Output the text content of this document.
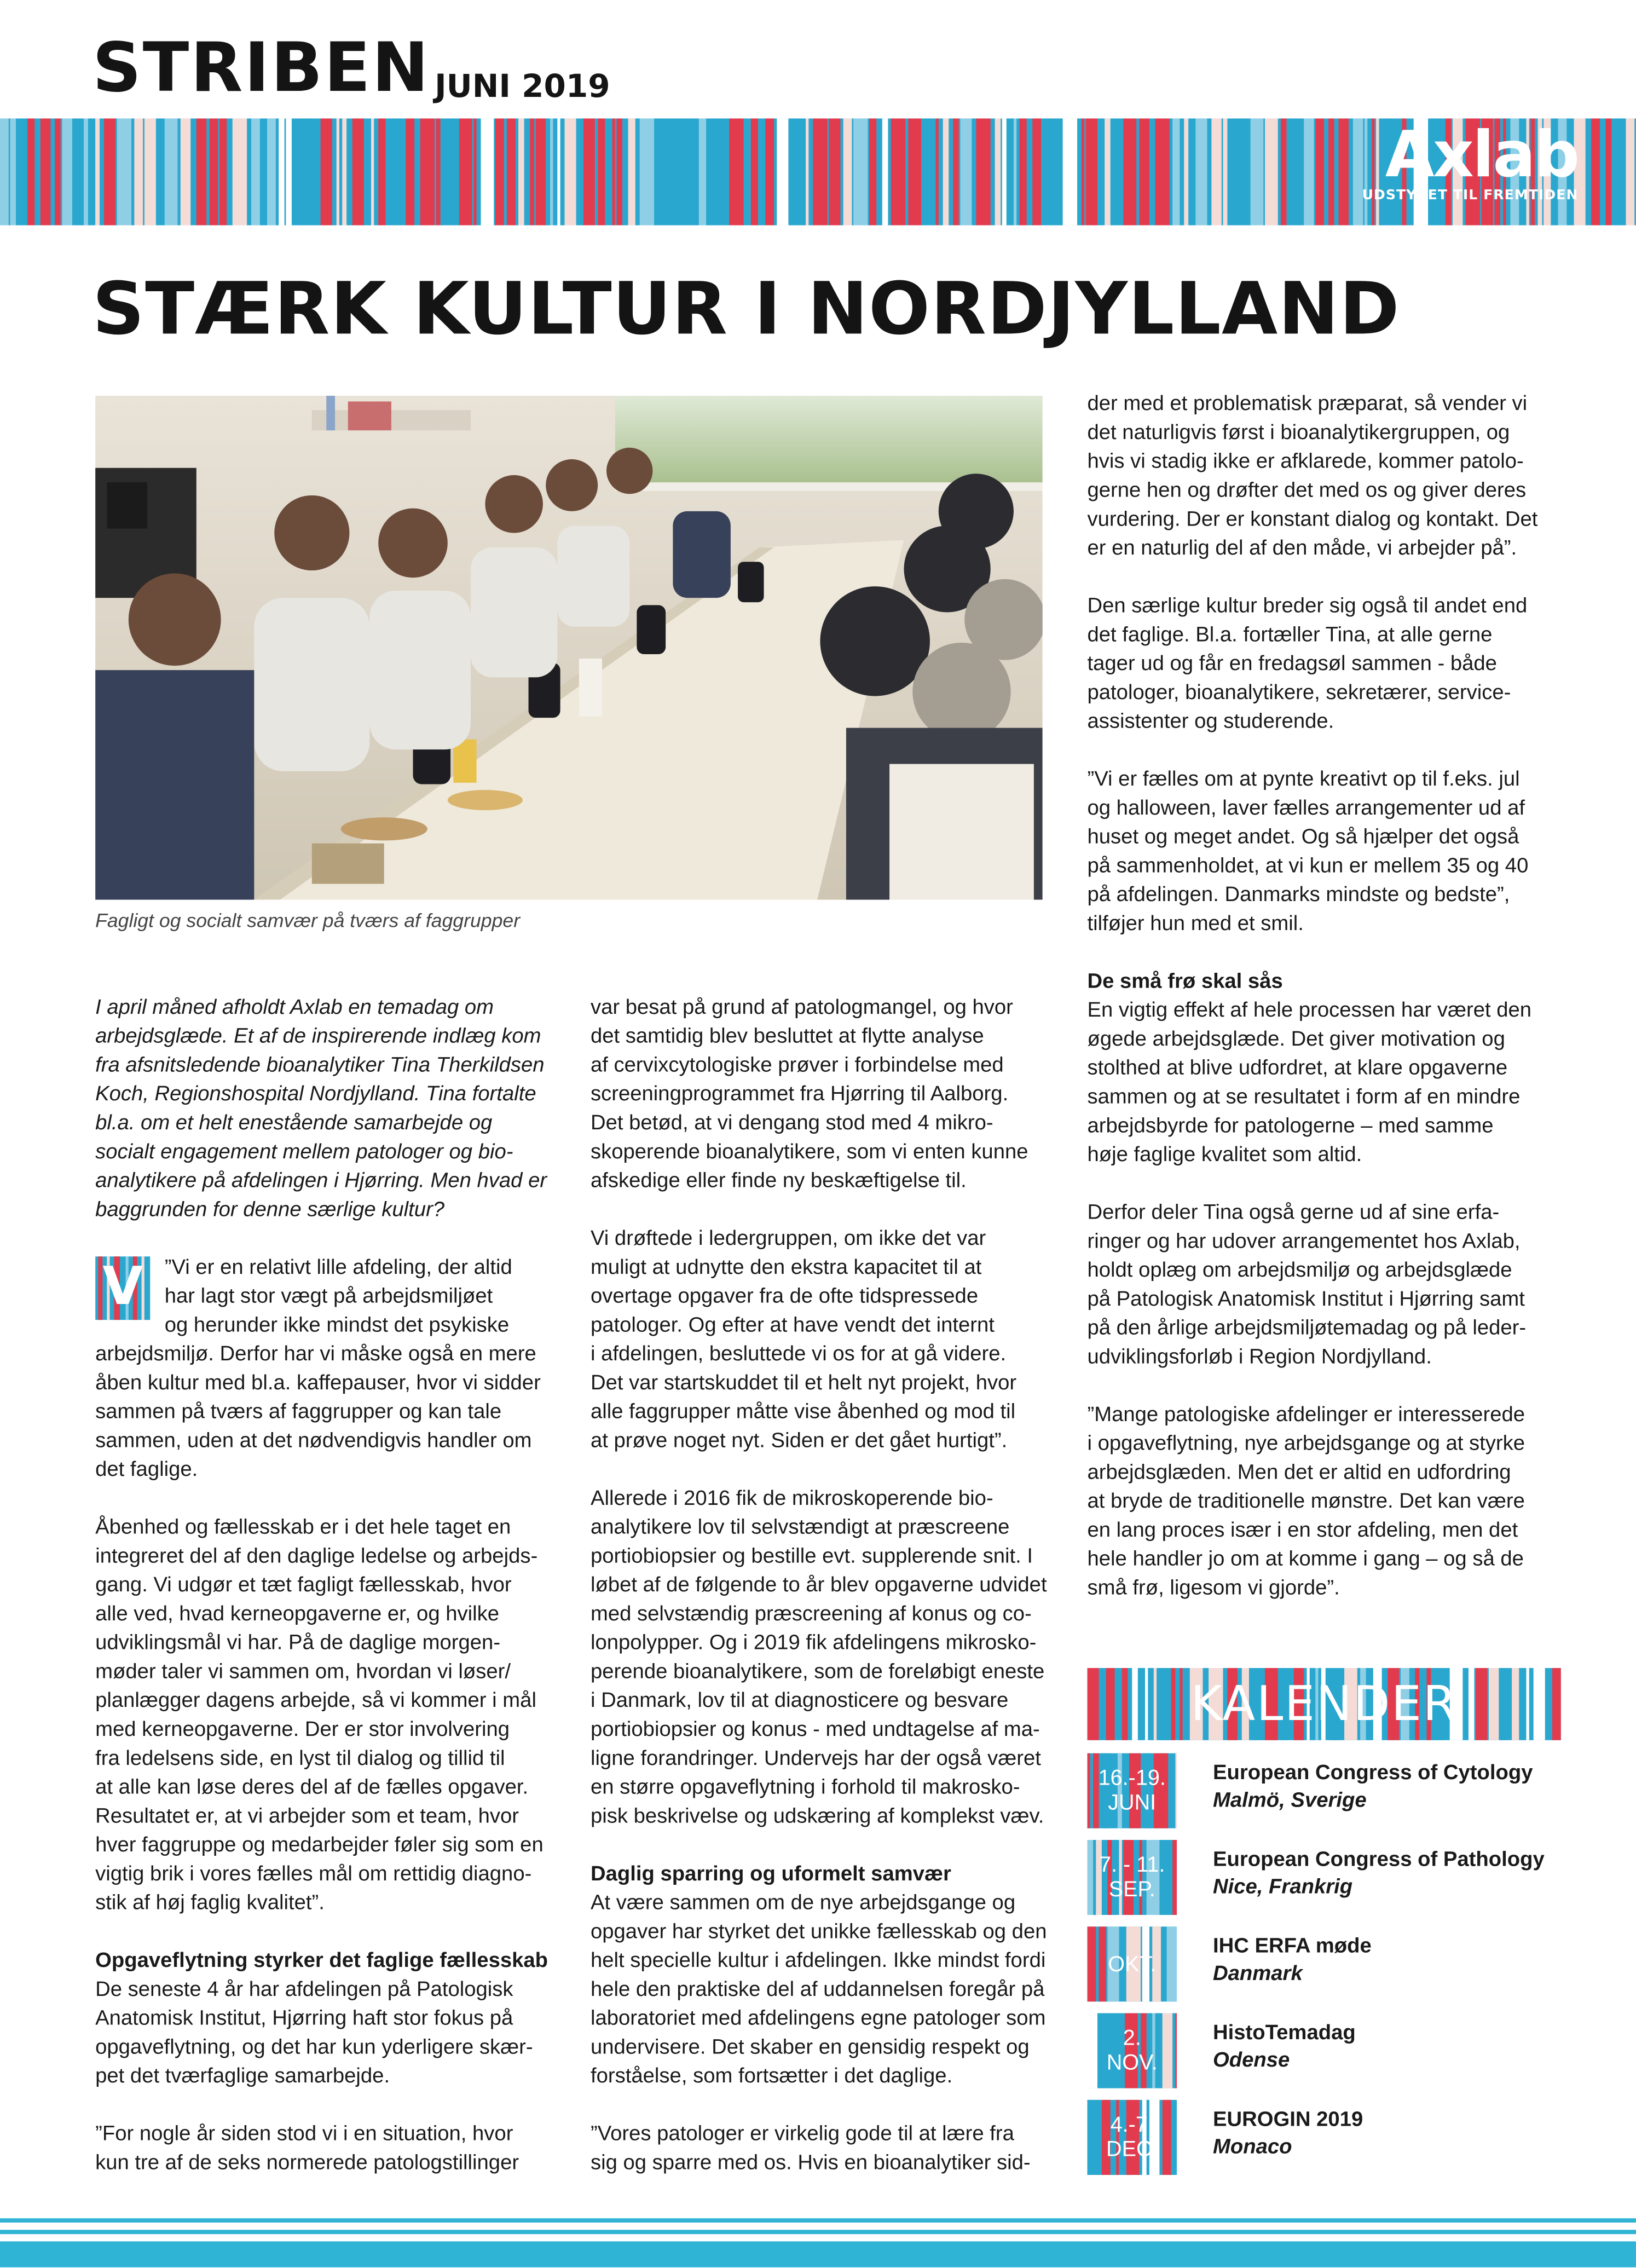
STRIBEN JUNI 2019
Axlab
UDSTYRET TIL FREMTIDEN
STÆRK KULTUR I NORDJYLLAND
Fagligt og socialt samvær på tværs af faggrupper

I april måned afholdt Axlab en temadag om
arbejdsglæde. Et af de inspirerende indlæg kom
fra afsnitsledende bioanalytiker Tina Therkildsen
Koch, Regionshospital Nordjylland. Tina fortalte
bl.a. om et helt enestående samarbejde og
socialt engagement mellem patologer og bio-
analytikere på afdelingen i Hjørring. Men hvad er
baggrunden for denne særlige kultur?

V	”Vi er en relativt lille afdeling, der altid
har lagt stor vægt på arbejdsmiljøet
og herunder ikke mindst det psykiske
arbejdsmiljø. Derfor har vi måske også en mere
åben kultur med bl.a. kaffepauser, hvor vi sidder
sammen på tværs af faggrupper og kan tale
sammen, uden at det nødvendigvis handler om
det faglige.

Åbenhed og fællesskab er i det hele taget en
integreret del af den daglige ledelse og arbejds-
gang. Vi udgør et tæt fagligt fællesskab, hvor
alle ved, hvad kerneopgaverne er, og hvilke
udviklingsmål vi har. På de daglige morgen-
møder taler vi sammen om, hvordan vi løser/
planlægger dagens arbejde, så vi kommer i mål
med kerneopgaverne. Der er stor involvering
fra ledelsens side, en lyst til dialog og tillid til
at alle kan løse deres del af de fælles opgaver.
Resultatet er, at vi arbejder som et team, hvor
hver faggruppe og medarbejder føler sig som en
vigtig brik i vores fælles mål om rettidig diagno-
stik af høj faglig kvalitet”.

Opgaveflytning styrker det faglige fællesskab

De seneste 4 år har afdelingen på Patologisk
Anatomisk Institut, Hjørring haft stor fokus på
opgaveflytning, og det har kun yderligere skær-
pet det tværfaglige samarbejde.

”For nogle år siden stod vi i en situation, hvor
kun tre af de seks normerede patologstillinger

var besat på grund af patologmangel, og hvor
det samtidig blev besluttet at flytte analyse
af cervixcytologiske prøver i forbindelse med
screeningprogrammet fra Hjørring til Aalborg.
Det betød, at vi dengang stod med 4 mikro-
skoperende bioanalytikere, som vi enten kunne
afskedige eller finde ny beskæftigelse til.

Vi drøftede i ledergruppen, om ikke det var
muligt at udnytte den ekstra kapacitet til at
overtage opgaver fra de ofte tidspressede
patologer. Og efter at have vendt det internt
i afdelingen, besluttede vi os for at gå videre.
Det var startskuddet til et helt nyt projekt, hvor
alle faggrupper måtte vise åbenhed og mod til
at prøve noget nyt. Siden er det gået hurtigt”.

Allerede i 2016 fik de mikroskoperende bio-
analytikere lov til selvstændigt at præscreene
portiobiopsier og bestille evt. supplerende snit. I
løbet af de følgende to år blev opgaverne udvidet
med selvstændig præscreening af konus og co-
lonpolypper. Og i 2019 fik afdelingens mikrosko-
perende bioanalytikere, som de foreløbigt eneste
i Danmark, lov til at diagnosticere og besvare
portiobiopsier og konus - med undtagelse af ma-
ligne forandringer. Undervejs har der også været
en større opgaveflytning i forhold til makrosko-
pisk beskrivelse og udskæring af komplekst væv.

Daglig sparring og uformelt samvær

At være sammen om de nye arbejdsgange og
opgaver har styrket det unikke fællesskab og den
helt specielle kultur i afdelingen. Ikke mindst fordi
hele den praktiske del af uddannelsen foregår på
laboratoriet med afdelingens egne patologer som
undervisere. Det skaber en gensidig respekt og
forståelse, som fortsætter i det daglige.

”Vores patologer er virkelig gode til at lære fra
sig og sparre med os. Hvis en bioanalytiker sid-

der med et problematisk præparat, så vender vi
det naturligvis først i bioanalytikergruppen, og
hvis vi stadig ikke er afklarede, kommer patolo-
gerne hen og drøfter det med os og giver deres
vurdering. Der er konstant dialog og kontakt. Det
er en naturlig del af den måde, vi arbejder på”.

Den særlige kultur breder sig også til andet end
det faglige. Bl.a. fortæller Tina, at alle gerne
tager ud og får en fredagsøl sammen - både
patologer, bioanalytikere, sekretærer, service-
assistenter og studerende.

”Vi er fælles om at pynte kreativt op til f.eks. jul
og halloween, laver fælles arrangementer ud af
huset og meget andet. Og så hjælper det også
på sammenholdet, at vi kun er mellem 35 og 40
på afdelingen. Danmarks mindste og bedste”,
tilføjer hun med et smil.

De små frø skal sås

En vigtig effekt af hele processen har været den
øgede arbejdsglæde. Det giver motivation og
stolthed at blive udfordret, at klare opgaverne
sammen og at se resultatet i form af en mindre
arbejdsbyrde for patologerne – med samme
høje faglige kvalitet som altid.

Derfor deler Tina også gerne ud af sine erfa-
ringer og har udover arrangementet hos Axlab,
holdt oplæg om arbejdsmiljø og arbejdsglæde
på Patologisk Anatomisk Institut i Hjørring samt
på den årlige arbejdsmiljøtemadag og på leder-
udviklingsforløb i Region Nordjylland.

”Mange patologiske afdelinger er interesserede
i opgaveflytning, nye arbejdsgange og at styrke
arbejdsglæden. Men det er altid en udfordring
at bryde de traditionelle mønstre. Det kan være
en lang proces især i en stor afdeling, men det
hele handler jo om at komme i gang – og så de
små frø, ligesom vi gjorde”.

KALENDER
16.-19.
JUNI
European Congress of Cytology
Malmö, Sverige
7. - 11.
SEP.
European Congress of Pathology
Nice, Frankrig
OKT.
IHC ERFA møde
Danmark
2.
NOV.
HistoTemadag
Odense
4.-7.
DEC.
EUROGIN 2019
Monaco
